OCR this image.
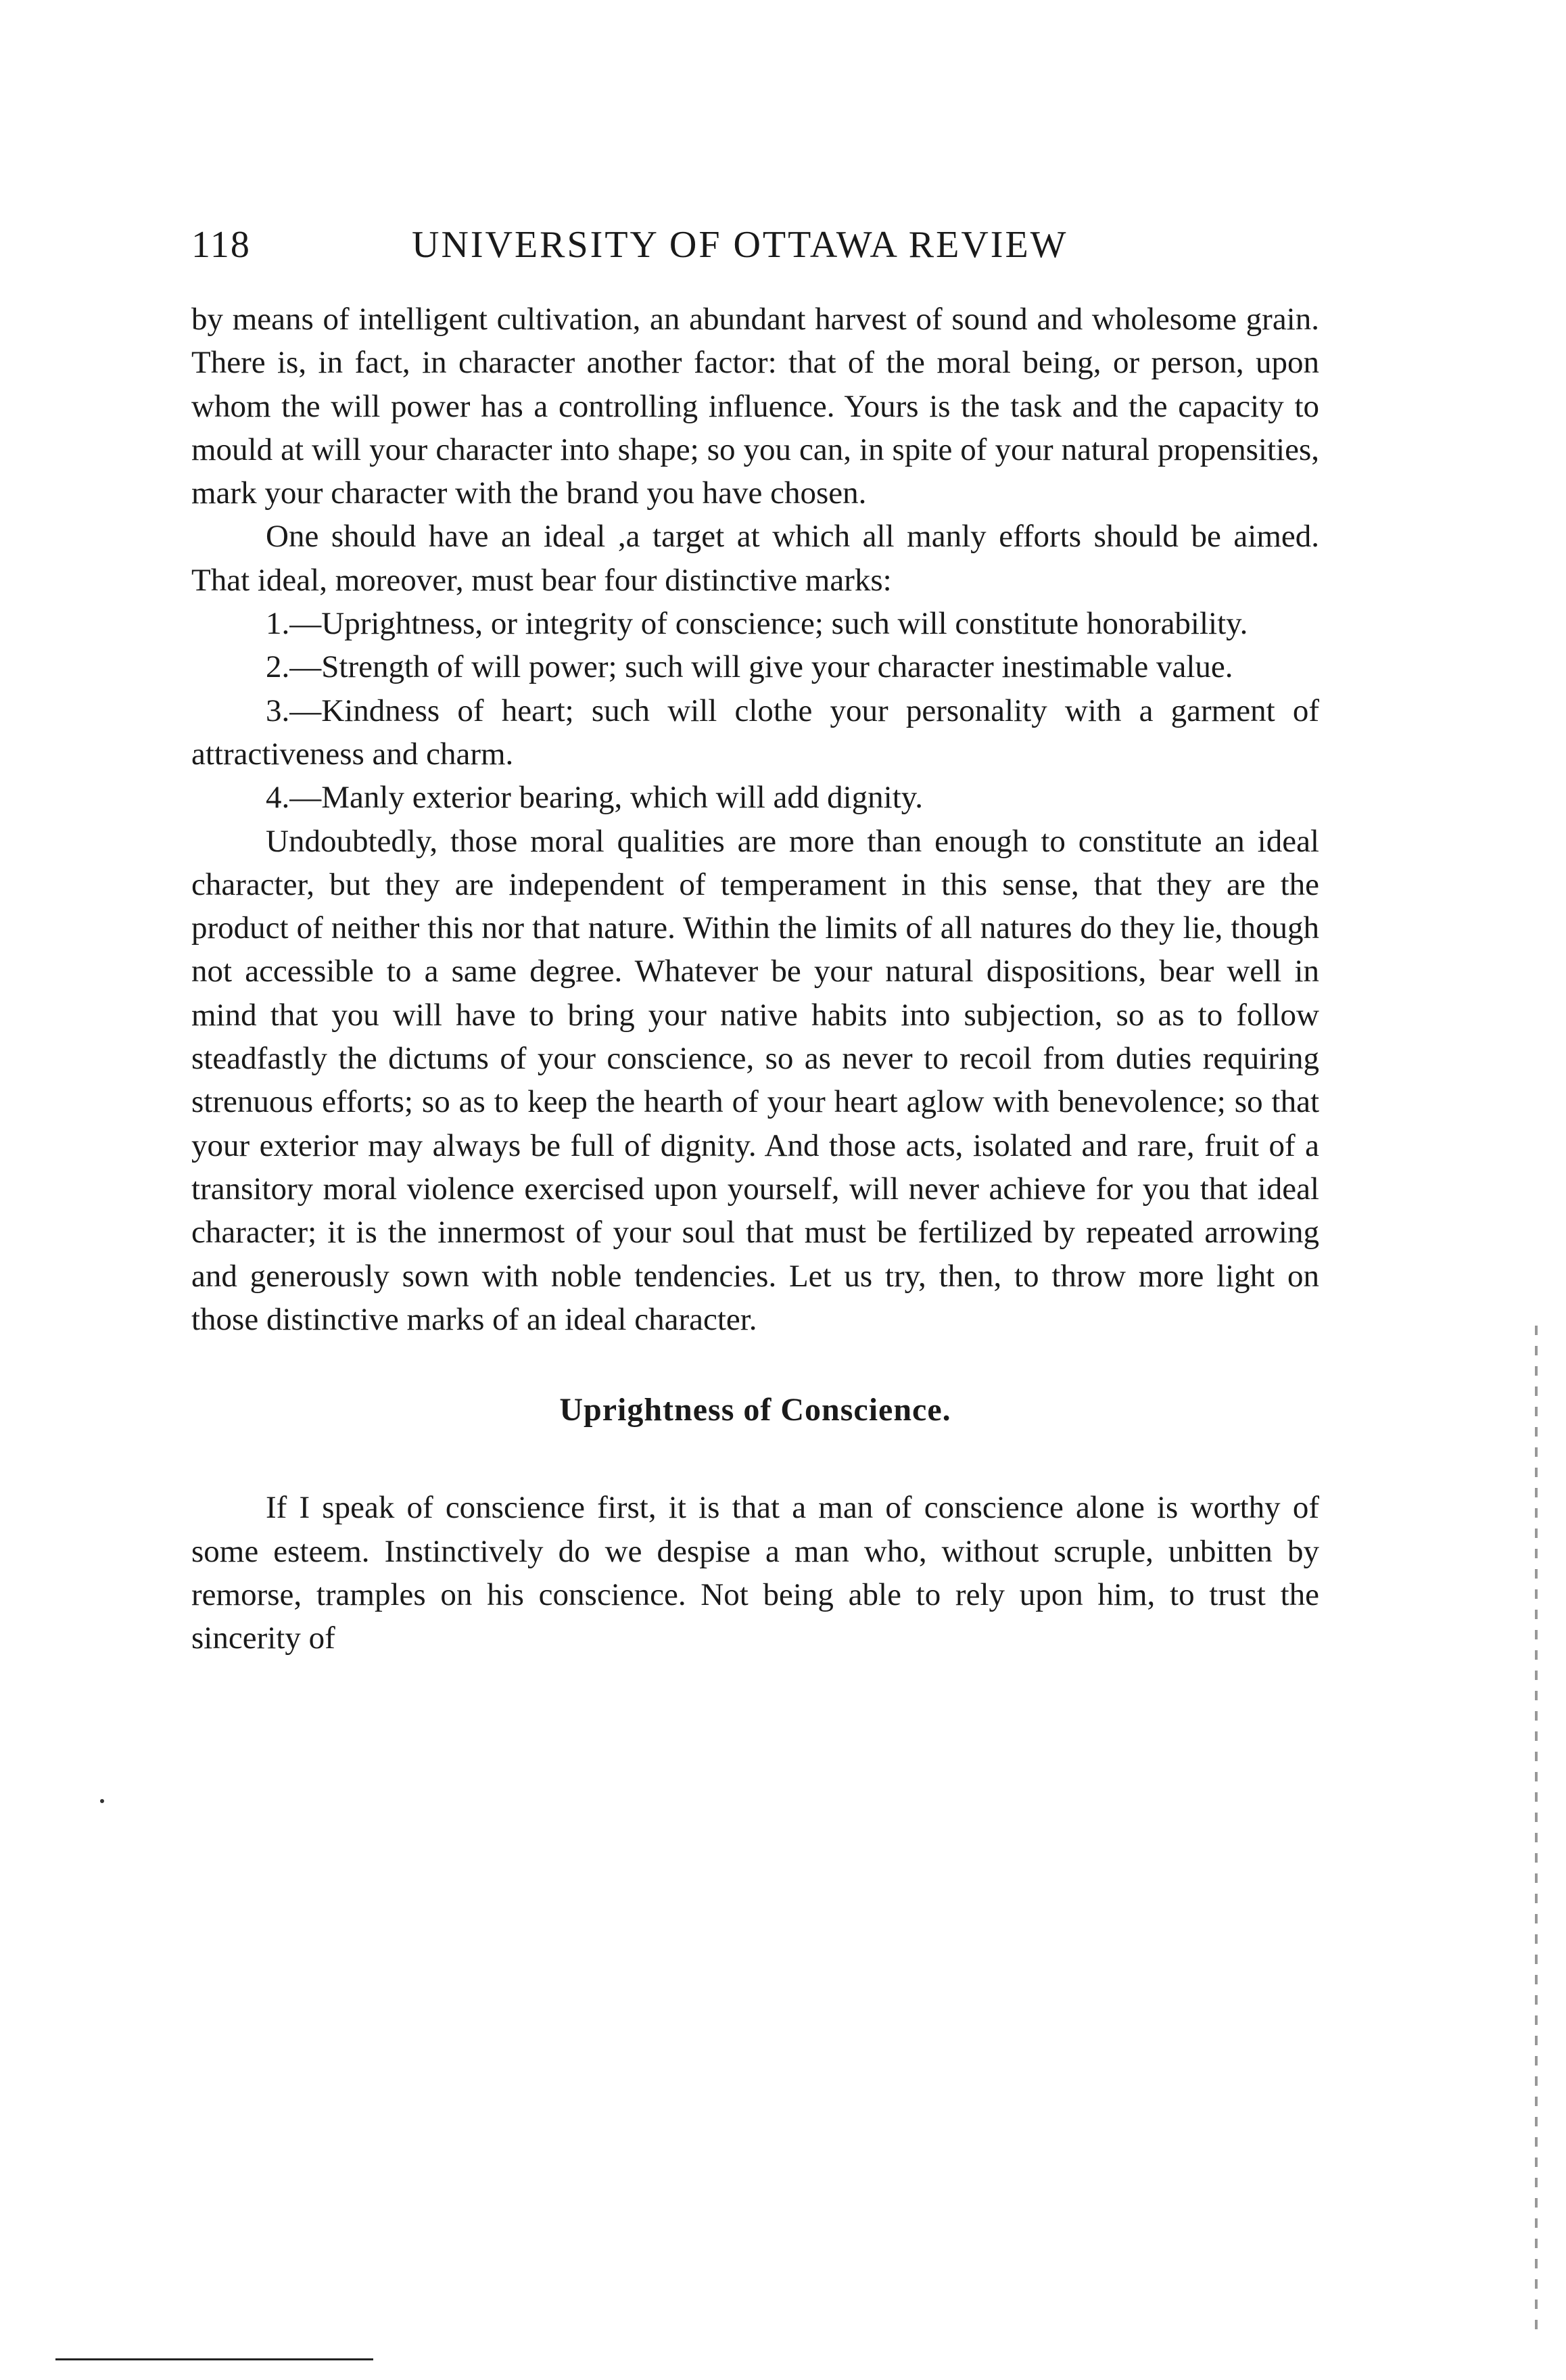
118	UNIVERSITY OF OTTAWA REVIEW

by means of intelligent cultivation, an abundant harvest of sound and wholesome grain. There is, in fact, in character another factor: that of the moral being, or person, upon whom the will power has a controlling influence. Yours is the task and the capacity to mould at will your character into shape; so you can, in spite of your natural propensities, mark your character with the brand you have chosen.

One should have an ideal ,a target at which all manly efforts should be aimed. That ideal, moreover, must bear four distinctive marks:

1.—Uprightness, or integrity of conscience; such will constitute honorability.

2.—Strength of will power; such will give your character inestimable value.

3.—Kindness of heart; such will clothe your personality with a garment of attractiveness and charm.

4.—Manly exterior bearing, which will add dignity.

Undoubtedly, those moral qualities are more than enough to constitute an ideal character, but they are independent of temperament in this sense, that they are the product of neither this nor that nature. Within the limits of all natures do they lie, though not accessible to a same degree. Whatever be your natural dispositions, bear well in mind that you will have to bring your native habits into subjection, so as to follow steadfastly the dictums of your conscience, so as never to recoil from duties requiring strenuous efforts; so as to keep the hearth of your heart aglow with benevolence; so that your exterior may always be full of dignity. And those acts, isolated and rare, fruit of a transitory moral violence exercised upon yourself, will never achieve for you that ideal character; it is the innermost of your soul that must be fertilized by repeated arrowing and generously sown with noble tendencies. Let us try, then, to throw more light on those distinctive marks of an ideal character.

Uprightness of Conscience.

If I speak of conscience first, it is that a man of conscience alone is worthy of some esteem. Instinctively do we despise a man who, without scruple, unbitten by remorse, tramples on his conscience. Not being able to rely upon him, to trust the sincerity of
